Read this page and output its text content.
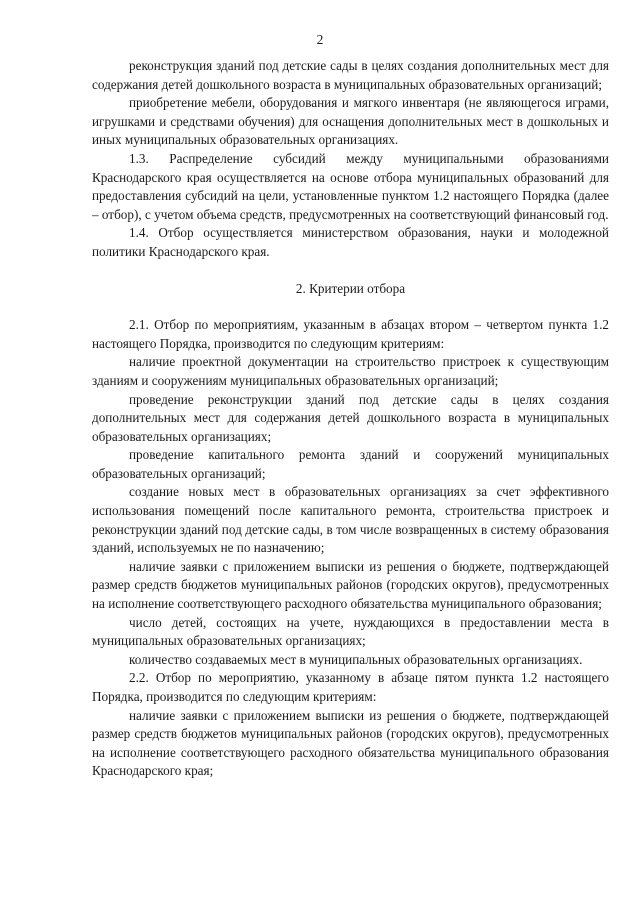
2

реконструкция зданий под детские сады в целях создания дополнительных мест для содержания детей дошкольного возраста в муниципальных образовательных организаций;

приобретение мебели, оборудования и мягкого инвентаря (не являющегося играми, игрушками и средствами обучения) для оснащения дополнительных мест в дошкольных и иных муниципальных образовательных организациях.

1.3. Распределение субсидий между муниципальными образованиями Краснодарского края осуществляется на основе отбора муниципальных образований для предоставления субсидий на цели, установленные пунктом 1.2 настоящего Порядка (далее – отбор), с учетом объема средств, предусмотренных на соответствующий финансовый год.

1.4. Отбор осуществляется министерством образования, науки и молодежной политики Краснодарского края.

2. Критерии отбора

2.1. Отбор по мероприятиям, указанным в абзацах втором – четвертом пункта 1.2 настоящего Порядка, производится по следующим критериям:

наличие проектной документации на строительство пристроек к существующим зданиям и сооружениям муниципальных образовательных организаций;

проведение реконструкции зданий под детские сады в целях создания дополнительных мест для содержания детей дошкольного возраста в муниципальных образовательных организациях;

проведение капитального ремонта зданий и сооружений муниципальных образовательных организаций;

создание новых мест в образовательных организациях за счет эффективного использования помещений после капитального ремонта, строительства пристроек и реконструкции зданий под детские сады, в том числе возвращенных в систему образования зданий, используемых не по назначению;

наличие заявки с приложением выписки из решения о бюджете, подтверждающей размер средств бюджетов муниципальных районов (городских округов), предусмотренных на исполнение соответствующего расходного обязательства муниципального образования;

число детей, состоящих на учете, нуждающихся в предоставлении места в муниципальных образовательных организациях;

количество создаваемых мест в муниципальных образовательных организациях.

2.2. Отбор по мероприятию, указанному в абзаце пятом пункта 1.2 настоящего Порядка, производится по следующим критериям:

наличие заявки с приложением выписки из решения о бюджете, подтверждающей размер средств бюджетов муниципальных районов (городских округов), предусмотренных на исполнение соответствующего расходного обязательства муниципального образования Краснодарского края;
